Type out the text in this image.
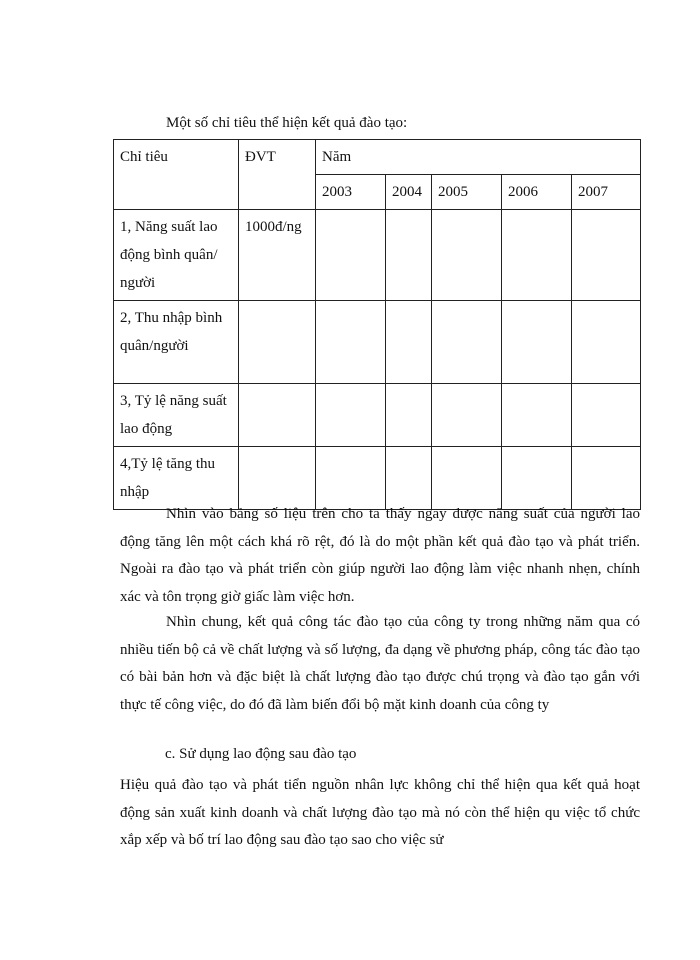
Một số chỉ tiêu thể hiện kết quả đào tạo:
Chỉ tiêu	ĐVT	Năm				
		2003	2004	2005	2006	2007
1, Năng suất lao động bình quân/ người	1000đ/ng					
2, Thu nhập bình quân/người						
3, Tỷ lệ năng suất lao động						
4,Tỷ lệ tăng thu nhập						

Nhìn vào bảng số liệu trên cho ta thấy ngay được năng suất của người lao động tăng lên một cách khá rõ rệt, đó là do một phần kết quả đào tạo và phát triển. Ngoài ra đào tạo và phát triển còn giúp người lao động làm việc nhanh nhẹn, chính xác và tôn trọng giờ giấc làm việc hơn.

Nhìn chung, kết quả công tác đào tạo của công ty trong những năm qua có nhiều tiến bộ cả về chất lượng và số lượng, đa dạng về phương pháp, công tác đào tạo có bài bản hơn và đặc biệt là chất lượng đào tạo được chú trọng và đào tạo gắn với thực tế công việc, do đó đã làm biến đổi bộ mặt kinh doanh của công ty

c. Sử dụng lao động sau đào tạo

Hiệu quả đào tạo và phát tiển nguồn nhân lực không chỉ thể hiện qua kết quả hoạt động sản xuất kinh doanh và chất lượng đào tạo mà nó còn thể hiện qu việc tổ chức xắp xếp và bố trí lao động sau đào tạo sao cho việc sử
